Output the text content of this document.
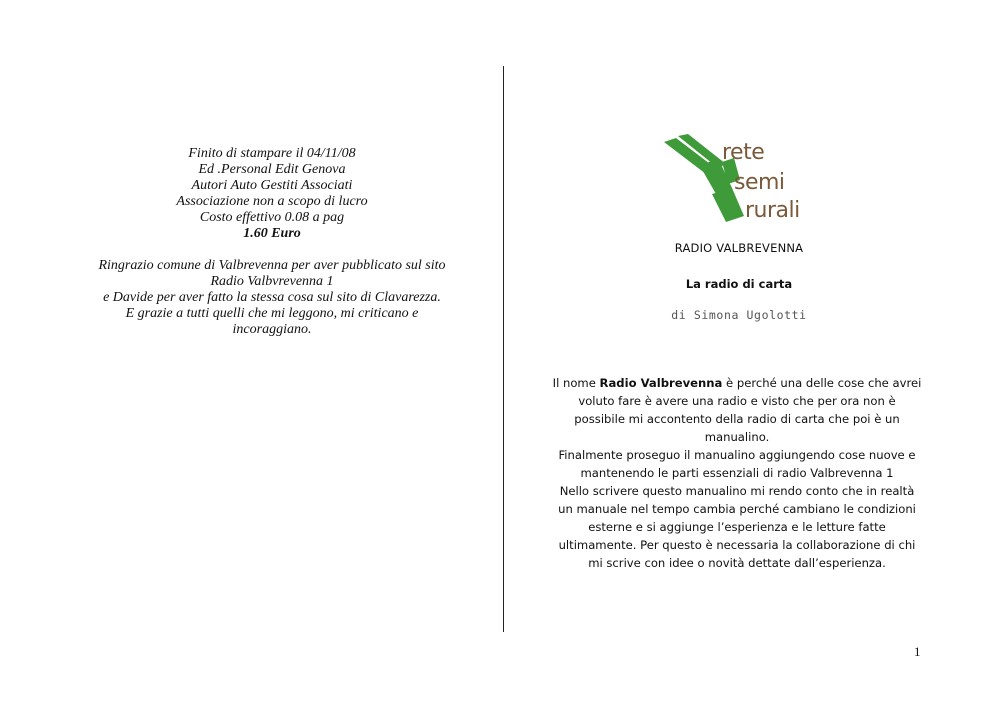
Finito di stampare il 04/11/08
Ed .Personal Edit Genova
Autori Auto Gestiti Associati
Associazione non a scopo di lucro
Costo effettivo 0.08 a pag
1.60 Euro
Ringrazio comune di Valbrevenna per aver pubblicato sul sito
Radio Valbvrevenna 1
e Davide per aver fatto la stessa cosa sul sito di Clavarezza.
E grazie a tutti quelli che mi leggono, mi criticano e
incoraggiano.
rete
semi
rurali
RADIO VALBREVENNA
La radio di carta
di Simona Ugolotti
Il nome Radio Valbrevenna è perché una delle cose che avrei
voluto fare è avere una radio e visto che per ora non è
possibile mi accontento della radio di carta che poi è un
manualino.
Finalmente proseguo il manualino aggiungendo cose nuove e
mantenendo le parti essenziali di radio Valbrevenna 1
Nello scrivere questo manualino mi rendo conto che in realtà
un manuale nel tempo cambia perché cambiano le condizioni
esterne e si aggiunge l’esperienza e le letture fatte
ultimamente. Per questo è necessaria la collaborazione di chi
mi scrive con idee o novità dettate dall’esperienza.
1
